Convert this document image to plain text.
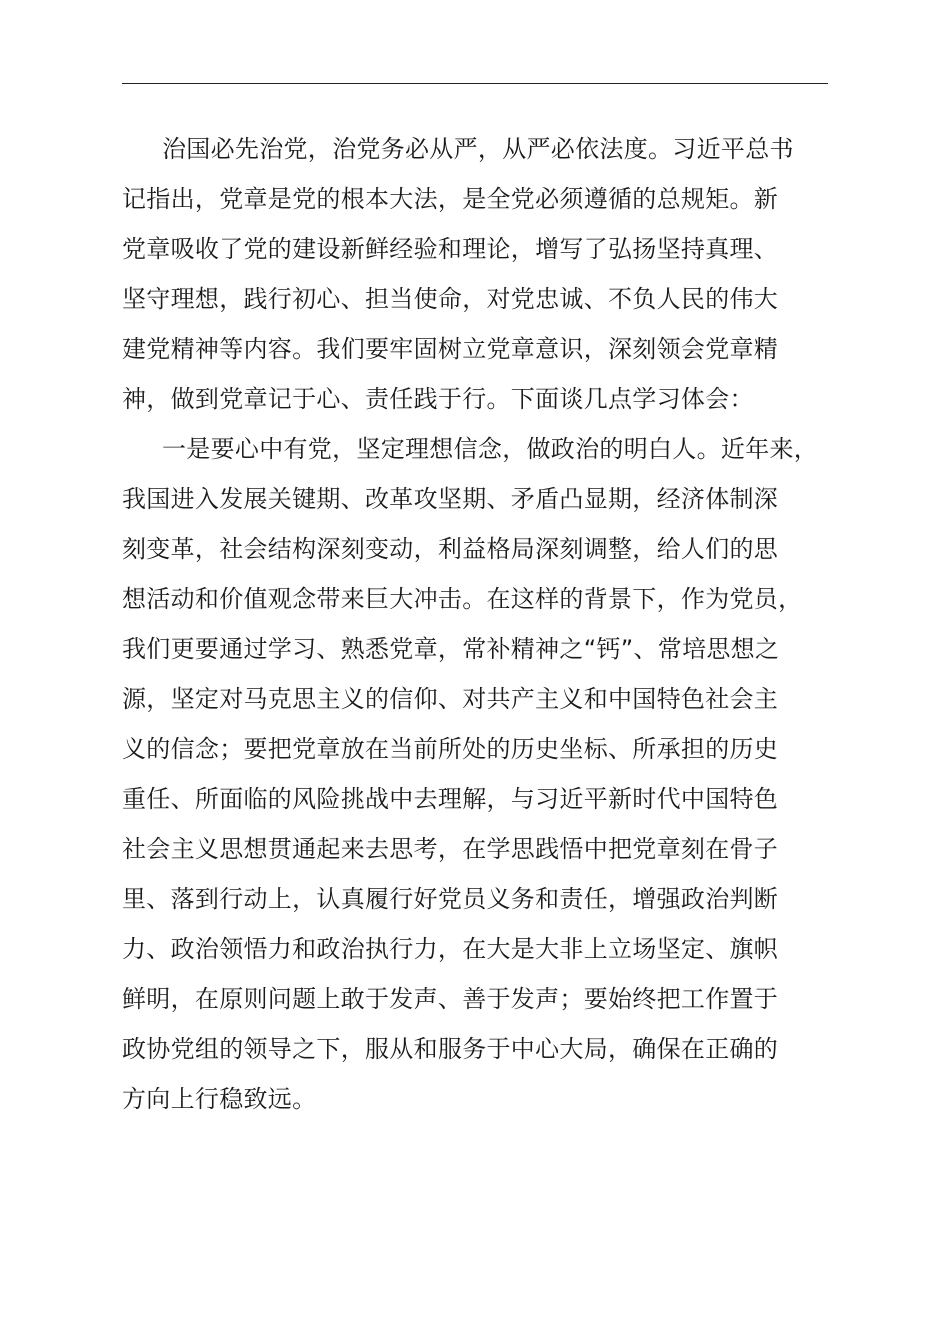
治国必先治党，治党务必从严，从严必依法度。习近平总书
记指出，党章是党的根本大法，是全党必须遵循的总规矩。新
党章吸收了党的建设新鲜经验和理论，增写了弘扬坚持真理、
坚守理想，践行初心、担当使命，对党忠诚、不负人民的伟大
建党精神等内容。我们要牢固树立党章意识，深刻领会党章精
神，做到党章记于心、责任践于行。下面谈几点学习体会：
一是要心中有党，坚定理想信念，做政治的明白人。近年来，
我国进入发展关键期、改革攻坚期、矛盾凸显期，经济体制深
刻变革，社会结构深刻变动，利益格局深刻调整，给人们的思
想活动和价值观念带来巨大冲击。在这样的背景下，作为党员，
我们更要通过学习、熟悉党章，常补精神之“钙”、常培思想之
源，坚定对马克思主义的信仰、对共产主义和中国特色社会主
义的信念；要把党章放在当前所处的历史坐标、所承担的历史
重任、所面临的风险挑战中去理解，与习近平新时代中国特色
社会主义思想贯通起来去思考，在学思践悟中把党章刻在骨子
里、落到行动上，认真履行好党员义务和责任，增强政治判断
力、政治领悟力和政治执行力，在大是大非上立场坚定、旗帜
鲜明，在原则问题上敢于发声、善于发声；要始终把工作置于
政协党组的领导之下，服从和服务于中心大局，确保在正确的
方向上行稳致远。
